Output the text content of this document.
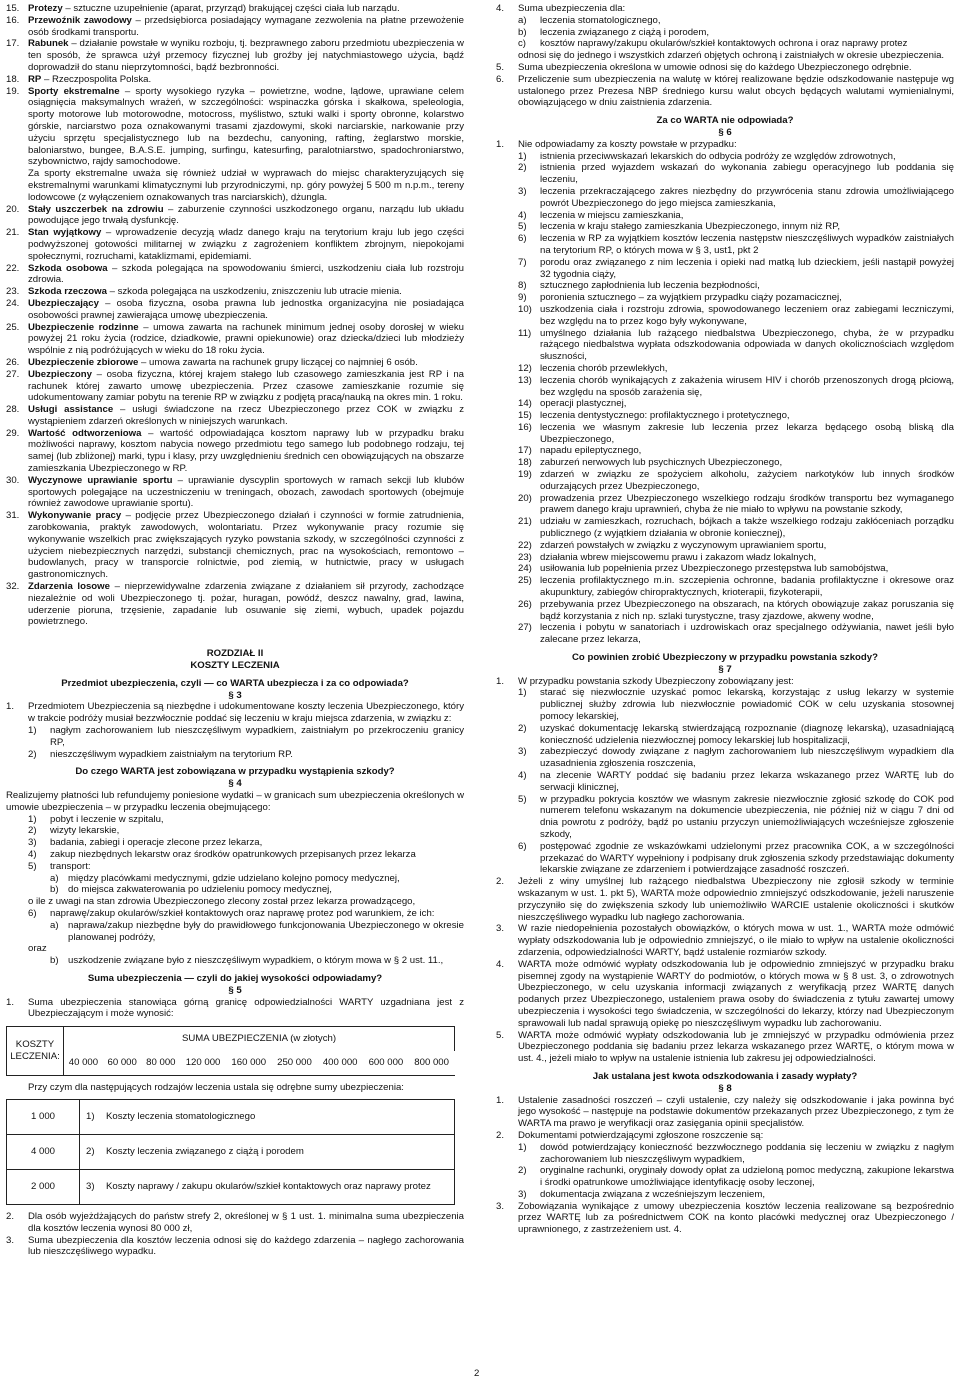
15. Protezy – sztuczne uzupełnienie (aparat, przyrząd) brakującej części ciała lub narządu.
16. Przewoźnik zawodowy – przedsiębiorca posiadający wymagane zezwolenia na płatne przewożenie osób środkami transportu.
17. Rabunek – działanie powstałe w wyniku rozboju, tj. bezprawnego zaboru przedmiotu ubezpieczenia w ten sposób, że sprawca użył przemocy fizycznej lub groźby jej natychmiastowego użycia, bądź doprowadził do stanu nieprzytomności, bądź bezbronności.
18. RP – Rzeczpospolita Polska.
19. Sporty ekstremalne – sporty wysokiego ryzyka – powietrzne, wodne, lądowe, uprawiane celem osiągnięcia maksymalnych wrażeń, w szczególności: wspinaczka górska i skałkowa, speleologia, sporty motorowe lub motorowodne, motocross, myślistwo, sztuki walki i sporty obronne, kolarstwo górskie, narciarstwo poza oznakowanymi trasami zjazdowymi, skoki narciarskie, narkowanie przy użyciu sprzętu specjalistycznego lub na bezdechu, canyoning, rafting, żeglarstwo morskie, baloniarstwo, bungee, B.A.S.E. jumping, surfingu, katesurfing, paralotniarstwo, spadochroniarstwo, szybownictwo, rajdy samochodowe.

Za sporty ekstremalne uważa się również udział w wyprawach do miejsc charakteryzujących się ekstremalnymi warunkami klimatycznymi lub przyrodniczymi, np. góry powyżej 5 500 m n.p.m., tereny lodowcowe (z wyłączeniem oznakowanych tras narciarskich), dżungla.

20. Stały uszczerbek na zdrowiu – zaburzenie czynności uszkodzonego organu, narządu lub układu powodujące jego trwałą dysfunkcję.
21. Stan wyjątkowy – wprowadzenie decyzją władz danego kraju na terytorium kraju lub jego części podwyższonej gotowości militarnej w związku z zagrożeniem konfliktem zbrojnym, niepokojami społecznymi, rozruchami, kataklizmami, epidemiami.
22. Szkoda osobowa – szkoda polegająca na spowodowaniu śmierci, uszkodzeniu ciała lub rozstroju zdrowia.
23. Szkoda rzeczowa – szkoda polegająca na uszkodzeniu, zniszczeniu lub utracie mienia.
24. Ubezpieczający – osoba fizyczna, osoba prawna lub jednostka organizacyjna nie posiadająca osobowości prawnej zawierająca umowę ubezpieczenia.
25. Ubezpieczenie rodzinne – umowa zawarta na rachunek minimum jednej osoby dorosłej w wieku powyżej 21 roku życia (rodzice, dziadkowie, prawni opiekunowie) oraz dziecka/dzieci lub młodzieży wspólnie z nią podróżujących w wieku do 18 roku życia.
26. Ubezpieczenie zbiorowe – umowa zawarta na rachunek grupy liczącej co najmniej 6 osób.
27. Ubezpieczony – osoba fizyczna, której krajem stałego lub czasowego zamieszkania jest RP i na rachunek której zawarto umowę ubezpieczenia. Przez czasowe zamieszkanie rozumie się udokumentowany zamiar pobytu na terenie RP w związku z podjętą pracą/nauką na okres min. 1 roku.
28. Usługi assistance – usługi świadczone na rzecz Ubezpieczonego przez COK w związku z wystąpieniem zdarzeń określonych w niniejszych warunkach.
29. Wartość odtworzeniowa – wartość odpowiadająca kosztom naprawy lub w przypadku braku możliwości naprawy, kosztom nabycia nowego przedmiotu tego samego lub podobnego rodzaju, tej samej (lub zbliżonej) marki, typu i klasy, przy uwzględnieniu średnich cen obowiązujących na obszarze zamieszkania Ubezpieczonego w RP.
30. Wyczynowe uprawianie sportu – uprawianie dyscyplin sportowych w ramach sekcji lub klubów sportowych polegające na uczestniczeniu w treningach, obozach, zawodach sportowych (obejmuje również zawodowe uprawianie sportu).
31. Wykonywanie pracy – podjęcie przez Ubezpieczonego działań i czynności w formie zatrudnienia, zarobkowania, praktyk zawodowych, wolontariatu. Przez wykonywanie pracy rozumie się wykonywanie wszelkich prac zwiększających ryzyko powstania szkody, w szczególności czynności z użyciem niebezpiecznych narzędzi, substancji chemicznych, prac na wysokościach, remontowo – budowlanych, pracy w transporcie rolnictwie, pod ziemią, w hutnictwie, pracy w usługach gastronomicznych.
32. Zdarzenia losowe – nieprzewidywalne zdarzenia związane z działaniem sił przyrody, zachodzące niezależnie od woli Ubezpieczonego tj. pożar, huragan, powódź, deszcz nawalny, grad, lawina, uderzenie pioruna, trzęsienie, zapadanie lub osuwanie się ziemi, wybuch, upadek pojazdu powietrznego.

ROZDZIAŁ II

KOSZTY LECZENIA

Przedmiot ubezpieczenia, czyli — co WARTA ubezpiecza i za co odpowiada?

§ 3

1.	Przedmiotem Ubezpieczenia są niezbędne i udokumentowane koszty leczenia Ubezpieczonego, który w trakcie podróży musiał bezzwłocznie poddać się leczeniu w kraju miejsca zdarzenia, w związku z:
1)	nagłym zachorowaniem lub nieszczęśliwym wypadkiem, zaistniałym po przekroczeniu granicy RP,
2)	nieszczęśliwym wypadkiem zaistniałym na terytorium RP.

Do czego WARTA jest zobowiązana w przypadku wystąpienia szkody?

§ 4

Realizujemy płatności lub refundujemy poniesione wydatki – w granicach sum ubezpieczenia określonych w umowie ubezpieczenia – w przypadku leczenia obejmującego:

1)	pobyt i leczenie w szpitalu,
2)	wizyty lekarskie,
3)	badania, zabiegi i operacje zlecone przez lekarza,
4)	zakup niezbędnych lekarstw oraz środków opatrunkowych przepisanych przez lekarza
5)	transport:
a) między placówkami medycznymi, gdzie udzielano kolejno pomocy medycznej,
b) do miejsca zakwaterowania po udzieleniu pomocy medycznej,

o ile z uwagi na stan zdrowia Ubezpieczonego zlecony został przez lekarza prowadzącego,

6)	naprawę/zakup okularów/szkieł kontaktowych oraz naprawę protez pod warunkiem, że ich:
a) naprawa/zakup niezbędne były do prawidłowego funkcjonowania Ubezpieczonego w okresie planowanej podróży,

oraz

b) uszkodzenie związane było z nieszczęśliwym wypadkiem, o którym mowa w § 2 ust. 11.,

Suma ubezpieczenia — czyli do jakiej wysokości odpowiadamy?

§ 5

1.	Suma ubezpieczenia stanowiąca górną granicę odpowiedzialności WARTY uzgadniana jest z Ubezpieczającym i może wynosić:
KOSZTY LECZENIA:	SUMA UBEZPIECZENIA (w złotych)								
	40 000	60 000	80 000	120 000	160 000	250 000	400 000	600 000	800 000

Przy czym dla następujących rodzajów leczenia ustala się odrębne sumy ubezpieczenia:

1 000	1) Koszty leczenia stomatologicznego
4 000	2) Koszty leczenia związanego z ciążą i porodem
2 000	3) Koszty naprawy / zakupu okularów/szkieł kontaktowych oraz naprawy protez
2.	Dla osób wyjeżdżających do państw strefy 2, określonej w § 1 ust. 1. minimalna suma ubezpieczenia dla kosztów leczenia wynosi 80 000 zł,
3.	Suma ubezpieczenia dla kosztów leczenia odnosi się do każdego zdarzenia – nagłego zachorowania lub nieszczęśliwego wypadku.
4.	Suma ubezpieczenia dla:
a)	leczenia stomatologicznego,
b)	leczenia związanego z ciążą i porodem,
c)	kosztów naprawy/zakupu okularów/szkieł kontaktowych ochrona i oraz naprawy protez

odnosi się do jednego i wszystkich zdarzeń objętych ochroną i zaistniałych w okresie ubezpieczenia.

5.	Suma ubezpieczenia określona w umowie odnosi się do każdego Ubezpieczonego odrębnie.
6.	Przeliczenie sum ubezpieczenia na walutę w której realizowane będzie odszkodowanie następuje wg ustalonego przez Prezesa NBP średniego kursu walut obcych będących walutami wymienialnymi, obowiązującego w dniu zaistnienia zdarzenia.

Za co WARTA nie odpowiada?

§ 6

1.	Nie odpowiadamy za koszty powstałe w przypadku:
1)	istnienia przeciwwskazań lekarskich do odbycia podróży ze względów zdrowotnych,
2)	istnienia przed wyjazdem wskazań do wykonania zabiegu operacyjnego lub poddania się leczeniu,
3)	leczenia przekraczającego zakres niezbędny do przywrócenia stanu zdrowia umożliwiającego powrót Ubezpieczonego do jego miejsca zamieszkania,
4)	leczenia w miejscu zamieszkania,
5)	leczenia w kraju stałego zamieszkania Ubezpieczonego, innym niż RP,
6)	leczenia w RP za wyjątkiem kosztów leczenia następstw nieszczęśliwych wypadków zaistniałych na terytorium RP, o których mowa w § 3, ust1, pkt 2
7)	porodu oraz związanego z nim leczenia i opieki nad matką lub dzieckiem, jeśli nastąpił powyżej 32 tygodnia ciąży,
8)	sztucznego zapłodnienia lub leczenia bezpłodności,
9)	poronienia sztucznego – za wyjątkiem przypadku ciąży pozamacicznej,
10) uszkodzenia ciała i rozstroju zdrowia, spowodowanego leczeniem oraz zabiegami leczniczymi, bez względu na to przez kogo były wykonywane,
11) umyślnego działania lub rażącego niedbalstwa Ubezpieczonego, chyba, że w przypadku rażącego niedbalstwa wypłata odszkodowania odpowiada w danych okolicznościach względom słuszności,
12) leczenia chorób przewlekłych,
13) leczenia chorób wynikających z zakażenia wirusem HIV i chorób przenoszonych drogą płciową, bez względu na sposób zarażenia się,
14) operacji plastycznej,
15) leczenia dentystycznego: profilaktycznego i protetycznego,
16) leczenia we własnym zakresie lub leczenia przez lekarza będącego osobą bliską dla Ubezpieczonego,
17) napadu epileptycznego,
18) zaburzeń nerwowych lub psychicznych Ubezpieczonego,
19) zdarzeń w związku ze spożyciem alkoholu, zażyciem narkotyków lub innych środków odurzających przez Ubezpieczonego,
20) prowadzenia przez Ubezpieczonego wszelkiego rodzaju środków transportu bez wymaganego prawem danego kraju uprawnień, chyba że nie miało to wpływu na powstanie szkody,
21) udziału w zamieszkach, rozruchach, bójkach a także wszelkiego rodzaju zakłóceniach porządku publicznego (z wyjątkiem działania w obronie koniecznej),
22) zdarzeń powstałych w związku z wyczynowym uprawianiem sportu,
23) działania wbrew miejscowemu prawu i zakazom władz lokalnych,
24) usiłowania lub popełnienia przez Ubezpieczonego przestępstwa lub samobójstwa,
25) leczenia profilaktycznego m.in. szczepienia ochronne, badania profilaktyczne i okresowe oraz akupunktury, zabiegów chiropraktycznych, krioterapii, fizykoterapii,
26) przebywania przez Ubezpieczonego na obszarach, na których obowiązuje zakaz poruszania się bądź korzystania z nich np. szlaki turystyczne, trasy zjazdowe, akweny wodne,
27) leczenia i pobytu w sanatoriach i uzdrowiskach oraz specjalnego odżywiania, nawet jeśli było zalecane przez lekarza,

Co powinien zrobić Ubezpieczony w przypadku powstania szkody?

§ 7

1.	W przypadku powstania szkody Ubezpieczony zobowiązany jest:
1)	starać się niezwłocznie uzyskać pomoc lekarską, korzystając z usług lekarzy w systemie publicznej służby zdrowia lub niezwłocznie powiadomić COK w celu uzyskania stosownej pomocy lekarskiej,
2)	uzyskać dokumentację lekarską stwierdzającą rozpoznanie (diagnozę lekarską), uzasadniającą konieczność udzielenia niezwłocznej pomocy lekarskiej lub hospitalizacji,
3)	zabezpieczyć dowody związane z nagłym zachorowaniem lub nieszczęśliwym wypadkiem dla uzasadnienia zgłoszenia roszczenia,
4)	na zlecenie WARTY poddać się badaniu przez lekarza wskazanego przez WARTĘ lub do serwacji klinicznej,
5)	w przypadku pokrycia kosztów we własnym zakresie niezwłocznie zgłosić szkodę do COK pod numerem telefonu wskazanym na dokumencie ubezpieczenia, nie później niż w ciągu 7 dni od dnia powrotu z podróży, bądź po ustaniu przyczyn uniemożliwiających wcześniejsze zgłoszenie szkody,
6)	postępować zgodnie ze wskazówkami udzielonymi przez pracownika COK, a w szczególności przekazać do WARTY wypełniony i podpisany druk zgłoszenia szkody przedstawiając dokumenty lekarskie związane ze zdarzeniem i potwierdzające zasadność roszczeń.
2.	Jeżeli z winy umyślnej lub rażącego niedbalstwa Ubezpieczony nie zgłosił szkody w terminie wskazanym w ust. 1. pkt 5), WARTA może odpowiednio zmniejszyć odszkodowanie, jeżeli naruszenie przyczyniło się do zwiększenia szkody lub uniemożliwiło WARCIE ustalenie okoliczności i skutków nieszczęśliwego wypadku lub nagłego zachorowania.
3.	W razie niedopełnienia pozostałych obowiązków, o których mowa w ust. 1., WARTA może odmówić wypłaty odszkodowania lub je odpowiednio zmniejszyć, o ile miało to wpływ na ustalenie okoliczności zdarzenia, odpowiedzialności WARTY, bądź ustalenie rozmiarów szkody.
4.	WARTA może odmówić wypłaty odszkodowania lub je odpowiednio zmniejszyć w przypadku braku pisemnej zgody na wystąpienie WARTY do podmiotów, o których mowa w § 8 ust. 3, o zdrowotnych Ubezpieczonego, w celu uzyskania informacji związanych z weryfikacją przez WARTĘ danych podanych przez Ubezpieczonego, ustaleniem prawa osoby do świadczenia z tytułu zawartej umowy ubezpieczenia i wysokości tego świadczenia, w szczególności do lekarzy, którzy nad Ubezpieczonym sprawowali lub nadal sprawują opiekę po nieszczęśliwym wypadku lub zachorowaniu.
5.	WARTA może odmówić wypłaty odszkodowania lub je zmniejszyć w przypadku odmówienia przez Ubezpieczonego poddania się badaniu przez lekarza wskazanego przez WARTĘ, o którym mowa w ust. 4., jeżeli miało to wpływ na ustalenie istnienia lub zakresu jej odpowiedzialności.

Jak ustalana jest kwota odszkodowania i zasady wypłaty?

§ 8

1.	Ustalenie zasadności roszczeń – czyli ustalenie, czy należy się odszkodowanie i jaka powinna być jego wysokość – następuje na podstawie dokumentów przekazanych przez Ubezpieczonego, z tym że WARTA ma prawo je weryfikacji oraz zasięgania opinii specjalistów.
2.	Dokumentami potwierdzającymi zgłoszone roszczenie są:
1)	dowód potwierdzający konieczność bezzwłocznego poddania się leczeniu w związku z nagłym zachorowaniem lub nieszczęśliwym wypadkiem,
2)	oryginalne rachunki, oryginały dowody opłat za udzieloną pomoc medyczną, zakupione lekarstwa i środki opatrunkowe umożliwiające identyfikację osoby leczonej,
3)	dokumentacja związana z wcześniejszym leczeniem,
3.	Zobowiązania wynikające z umowy ubezpieczenia kosztów leczenia realizowane są bezpośrednio przez WARTĘ lub za pośrednictwem COK na konto placówki medycznej oraz Ubezpieczonego / uprawnionego, z zastrzeżeniem ust. 4.
2
